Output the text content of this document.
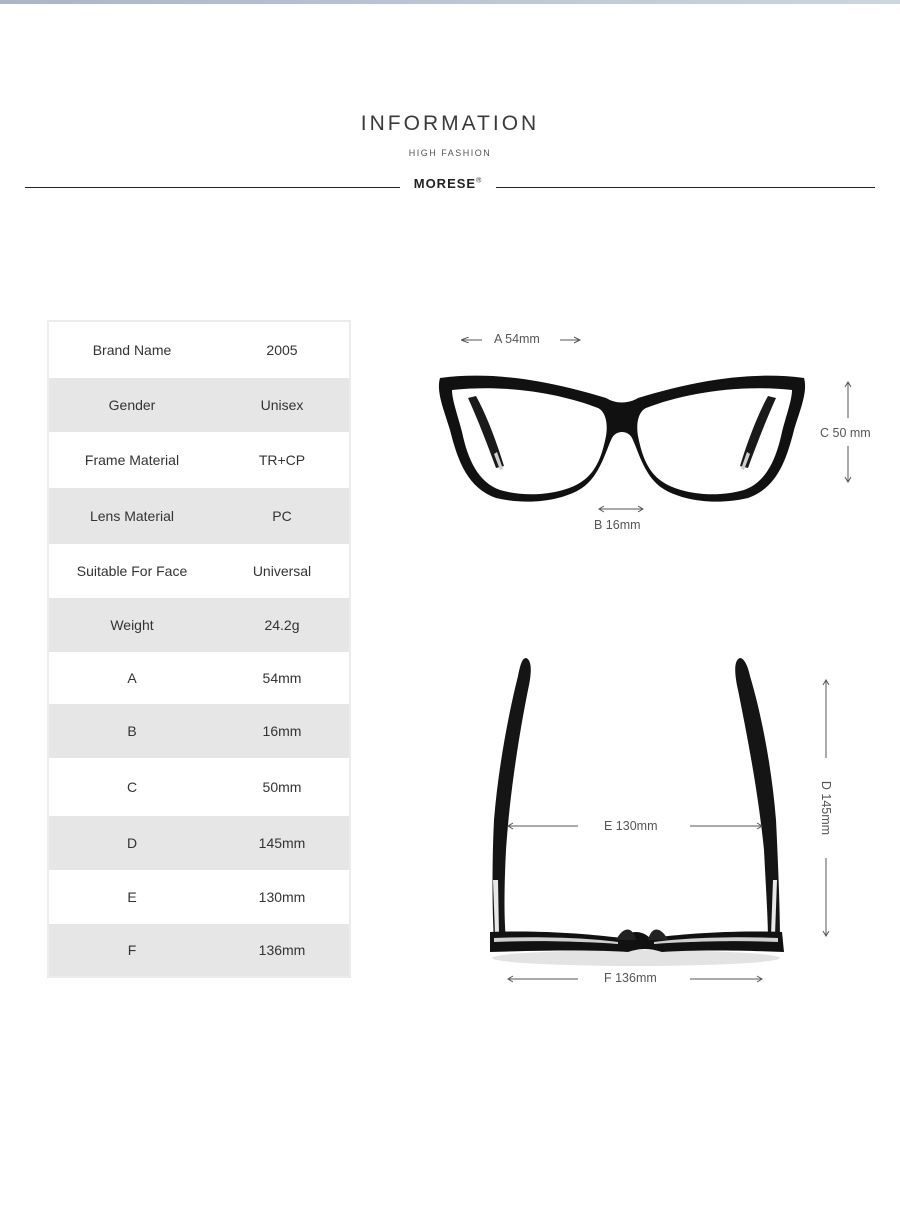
INFORMATION
HIGH FASHION
MORESE®
Brand Name	2005
Gender	Unisex
Frame Material	TR+CP
Lens Material	PC
Suitable For Face	Universal
Weight	24.2g
A	54mm
B	16mm
C	50mm
D	145mm
E	130mm
F	136mm
A 54mm
B 16mm
C 50 mm
E 130mm
F 136mm
D 145mm
